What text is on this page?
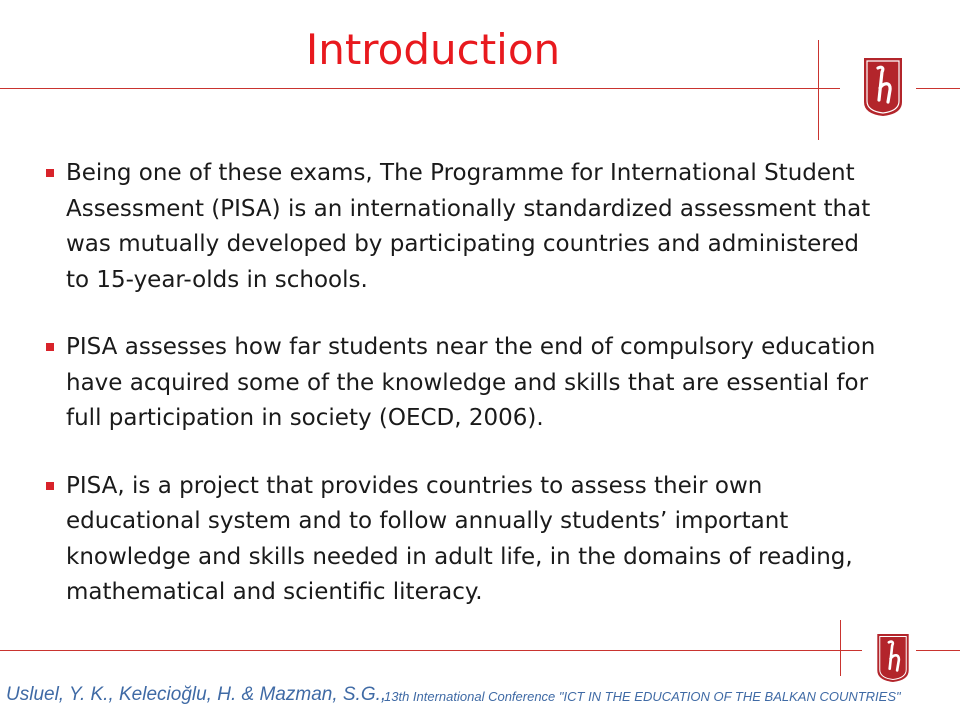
Introduction
Being one of these exams, The Programme for International Student Assessment (PISA) is an internationally standardized assessment that was mutually developed by participating countries and administered to 15-year-olds in schools.
PISA assesses how far students near the end of compulsory education have acquired some of the knowledge and skills that are essential for full participation in society (OECD, 2006).
PISA, is a project that provides countries to assess their own educational system and to follow annually students’ important knowledge and skills needed in adult life, in the domains of reading, mathematical and scientific literacy.
Usluel, Y. K., Kelecioğlu, H. & Mazman, S.G.,
13th International Conference "ICT IN THE EDUCATION OF THE BALKAN COUNTRIES"
